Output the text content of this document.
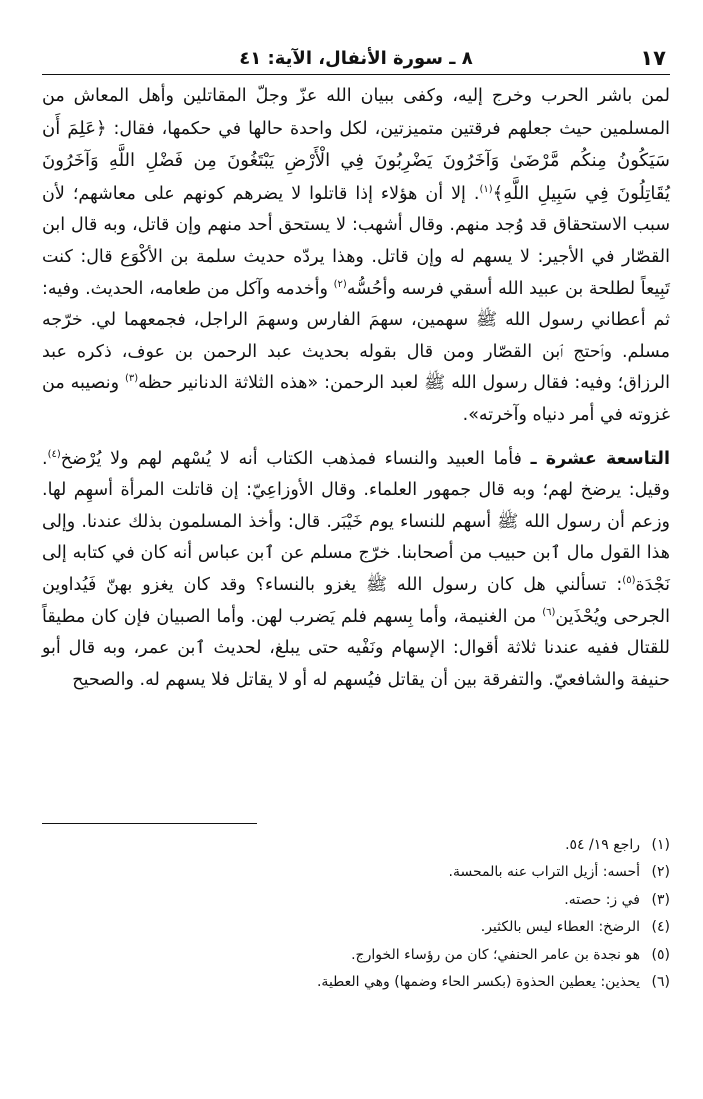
١٧
٨ ـ سورة الأنفال، الآية: ٤١

لمن باشر الحرب وخرج إليه، وكفى ببيان الله عزّ وجلّ المقاتلين وأهل المعاش من المسلمين حيث جعلهم فرقتين متميزتين، لكل واحدة حالها في حكمها، فقال: ﴿عَلِمَ أَن سَيَكُونُ مِنكُم مَّرْضَىٰ وَآخَرُونَ يَضْرِبُونَ فِي الْأَرْضِ يَبْتَغُونَ مِن فَضْلِ اللَّهِ وَآخَرُونَ يُقَاتِلُونَ فِي سَبِيلِ اللَّهِ﴾$^{(١)}$. إلا أن هؤلاء إذا قاتلوا لا يضرهم كونهم على معاشهم؛ لأن سبب الاستحقاق قد وُجد منهم. وقال أشهب: لا يستحق أحد منهم وإن قاتل، وبه قال ابن القصّار في الأجير: لا يسهم له وإن قاتل. وهذا يردّه حديث سلمة بن الأكْوَع قال: كنت تَبِيعاً لطلحة بن عبيد الله أسقي فرسه وأحُسُّه$^{(٢)}$ وأخدمه وآكل من طعامه، الحديث. وفيه: ثم أعطاني رسول الله ﷺ سهمين، سهمَ الفارس وسهمَ الراجل، فجمعهما لي. خرّجه مسلم. وٱحتج ٱبن القصّار ومن قال بقوله بحديث عبد الرحمن بن عوف، ذكره عبد الرزاق؛ وفيه: فقال رسول الله ﷺ لعبد الرحمن: «هذه الثلاثة الدنانير حظه$^{(٣)}$ ونصيبه من غزوته في أمر دنياه وآخرته».

التاسعة عشرة ـ فأما العبيد والنساء فمذهب الكتاب أنه لا يُسْهم لهم ولا يُرْضخ$^{(٤)}$. وقيل: يرضخ لهم؛ وبه قال جمهور العلماء. وقال الأوزاعِيّ: إن قاتلت المرأة أسهِم لها. وزعم أن رسول الله ﷺ أسهم للنساء يوم خَيْبَر. قال: وأخذ المسلمون بذلك عندنا. وإلى هذا القول مال ٱبن حبيب من أصحابنا. خرّج مسلم عن ٱبن عباس أنه كان في كتابه إلى نَجْدَة$^{(٥)}$: تسألني هل كان رسول الله ﷺ يغزو بالنساء؟ وقد كان يغزو بهنّ فَيُداوين الجرحى ويُحْذَين$^{(٦)}$ من الغنيمة، وأما بِسهم فلم يَضرب لهن. وأما الصبيان فإن كان مطيقاً للقتال ففيه عندنا ثلاثة أقوال: الإسهام ونَفْيه حتى يبلغ، لحديث ٱبن عمر، وبه قال أبو حنيفة والشافعيّ. والتفرقة بين أن يقاتل فيُسهم له أو لا يقاتل فلا يسهم له. والصحيح

(١)راجع ١٩/ ٥٤.
(٢)أحسه: أزيل التراب عنه بالمحسة.
(٣)في ز: حصته.
(٤)الرضخ: العطاء ليس بالكثير.
(٥)هو نجدة بن عامر الحنفي؛ كان من رؤساء الخوارج.
(٦)يحذين: يعطين الحذوة (بكسر الحاء وضمها) وهي العطية.
